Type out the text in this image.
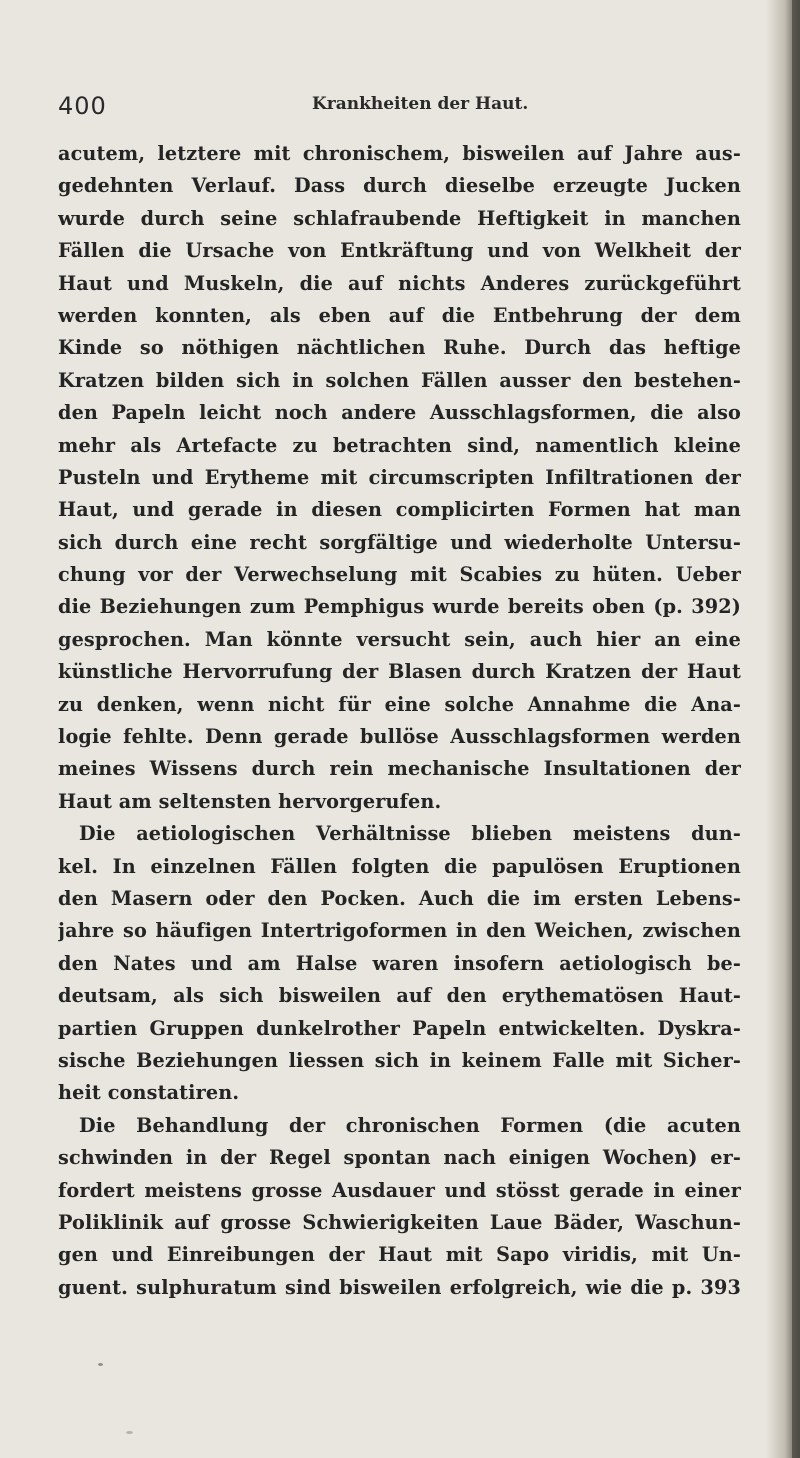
400	Krankheiten der Haut.
acutem, letztere mit chronischem, bisweilen auf Jahre aus-
gedehnten Verlauf. Dass durch dieselbe erzeugte Jucken
wurde durch seine schlafraubende Heftigkeit in manchen
Fällen die Ursache von Entkräftung und von Welkheit der
Haut und Muskeln, die auf nichts Anderes zurückgeführt
werden konnten, als eben auf die Entbehrung der dem
Kinde so nöthigen nächtlichen Ruhe. Durch das heftige
Kratzen bilden sich in solchen Fällen ausser den bestehen-
den Papeln leicht noch andere Ausschlagsformen, die also
mehr als Artefacte zu betrachten sind, namentlich kleine
Pusteln und Erytheme mit circumscripten Infiltrationen der
Haut, und gerade in diesen complicirten Formen hat man
sich durch eine recht sorgfältige und wiederholte Untersu-
chung vor der Verwechselung mit Scabies zu hüten. Ueber
die Beziehungen zum Pemphigus wurde bereits oben (p. 392)
gesprochen. Man könnte versucht sein, auch hier an eine
künstliche Hervorrufung der Blasen durch Kratzen der Haut
zu denken, wenn nicht für eine solche Annahme die Ana-
logie fehlte. Denn gerade bullöse Ausschlagsformen werden
meines Wissens durch rein mechanische Insultationen der
Haut am seltensten hervorgerufen.
Die aetiologischen Verhältnisse blieben meistens dun-
kel. In einzelnen Fällen folgten die papulösen Eruptionen
den Masern oder den Pocken. Auch die im ersten Lebens-
jahre so häufigen Intertrigoformen in den Weichen, zwischen
den Nates und am Halse waren insofern aetiologisch be-
deutsam, als sich bisweilen auf den erythematösen Haut-
partien Gruppen dunkelrother Papeln entwickelten. Dyskra-
sische Beziehungen liessen sich in keinem Falle mit Sicher-
heit constatiren.
Die Behandlung der chronischen Formen (die acuten
schwinden in der Regel spontan nach einigen Wochen) er-
fordert meistens grosse Ausdauer und stösst gerade in einer
Poliklinik auf grosse Schwierigkeiten Laue Bäder, Waschun-
gen und Einreibungen der Haut mit Sapo viridis, mit Un-
guent. sulphuratum sind bisweilen erfolgreich, wie die p. 393
